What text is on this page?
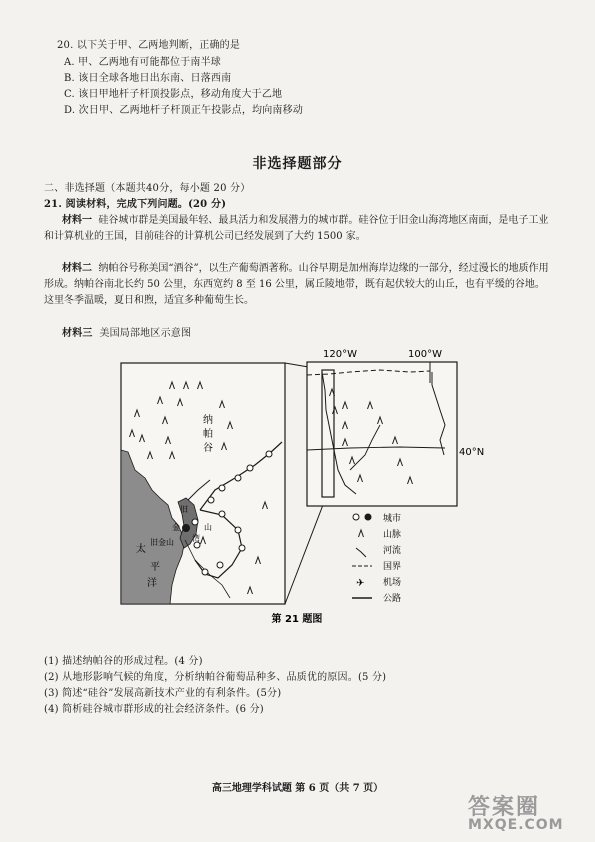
20. 以下关于甲、乙两地判断，正确的是
A. 甲、乙两地有可能都位于南半球
B. 该日全球各地日出东南、日落西南
C. 该日甲地杆子杆顶投影点，移动角度大于乙地
D. 次日甲、乙两地杆子杆顶正午投影点，均向南移动
非选择题部分
二、非选择题（本题共40分，每小题 20 分）
21. 阅读材料，完成下列问题。(20 分)
材料一 硅谷城市群是美国最年轻、最具活力和发展潜力的城市群。硅谷位于旧金山海湾地区南面，是电子工业和计算机业的王国，目前硅谷的计算机公司已经发展到了大约 1500 家。
材料二 纳帕谷号称美国“酒谷”，以生产葡萄酒著称。山谷早期是加州海岸边缘的一部分，经过漫长的地质作用形成。纳帕谷南北长约 50 公里，东西宽约 8 至 16 公里，属丘陵地带，既有起伏较大的山丘，也有平缓的谷地。这里冬季温暖，夏日和煦，适宜多种葡萄生长。
材料三 美国局部地区示意图
纳
帕
谷
太
平
洋
旧
金	山
湾
旧金山
120°W	100°W
40°N
城市
山脉
河流
国界
✈ 机场
公路
第 21 题图
(1) 描述纳帕谷的形成过程。(4 分)
(2) 从地形影响气候的角度，分析纳帕谷葡萄品种多、品质优的原因。(5 分)
(3) 简述“硅谷”发展高新技术产业的有利条件。(5分)
(4) 简析硅谷城市群形成的社会经济条件。(6 分)
高三地理学科试题 第 6 页（共 7 页）
答案圈
MXQE.COM
